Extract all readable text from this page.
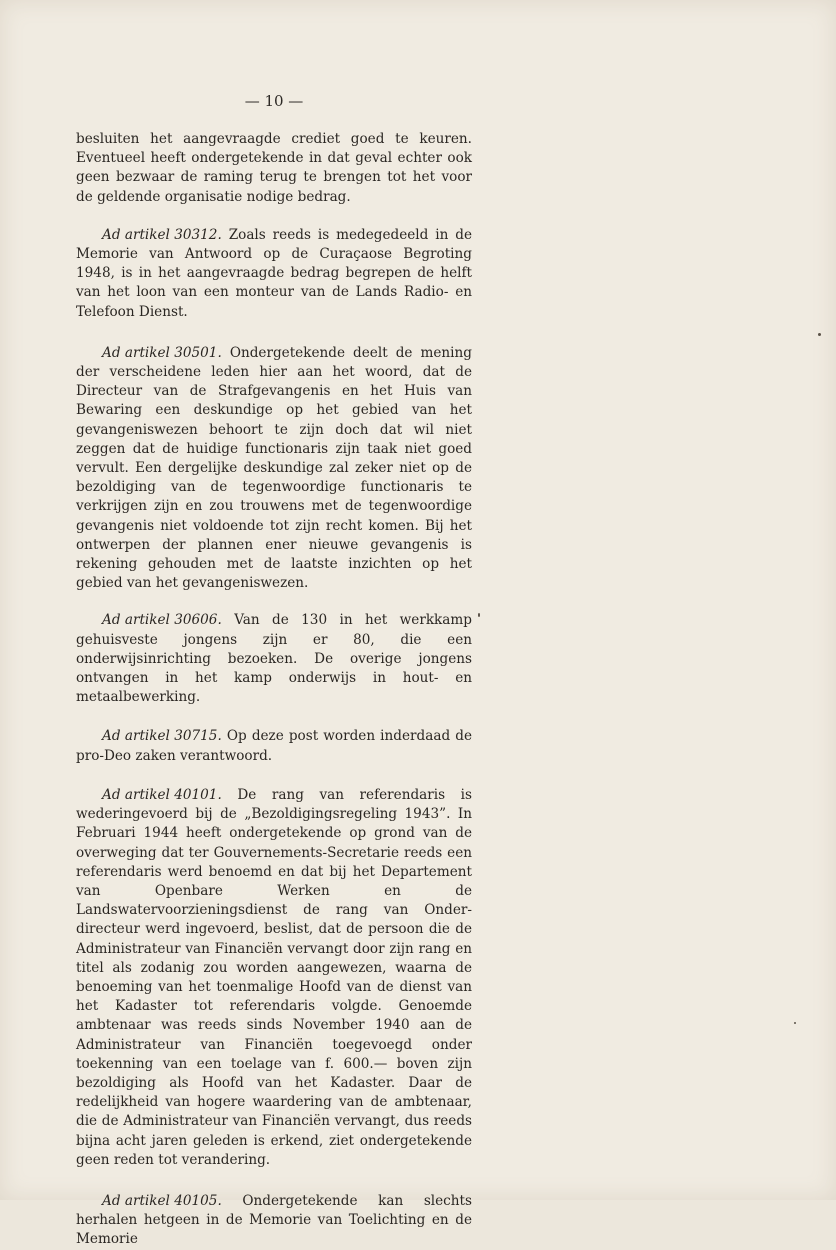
— 10 —

besluiten het aangevraagde crediet goed te keuren. Eventueel heeft ondergetekende in dat geval echter ook geen bezwaar de raming terug te brengen tot het voor de geldende organisatie nodige bedrag.

Ad artikel 30312. Zoals reeds is medegedeeld in de Memorie van Antwoord op de Curaçaose Begroting 1948, is in het aangevraagde bedrag begrepen de helft van het loon van een monteur van de Lands Radio- en Telefoon Dienst.

Ad artikel 30501. Ondergetekende deelt de mening der verscheidene leden hier aan het woord, dat de Directeur van de Strafgevangenis en het Huis van Bewaring een deskundige op het gebied van het gevangeniswezen behoort te zijn doch dat wil niet zeggen dat de huidige functionaris zijn taak niet goed vervult. Een dergelijke deskundige zal zeker niet op de bezoldiging van de tegenwoordige functionaris te verkrijgen zijn en zou trouwens met de tegenwoordige gevangenis niet voldoende tot zijn recht komen. Bij het ontwerpen der plannen ener nieuwe gevangenis is rekening gehouden met de laatste inzichten op het gebied van het gevangeniswezen.

Ad artikel 30606. Van de 130 in het werkkamp gehuisveste jongens zijn er 80, die een onderwijsinrichting bezoeken. De overige jongens ontvangen in het kamp onderwijs in hout- en metaalbewerking.

Ad artikel 30715. Op deze post worden inderdaad de pro-Deo zaken verantwoord.

Ad artikel 40101. De rang van referendaris is wederingevoerd bij de „Bezoldigingsregeling 1943”. In Februari 1944 heeft ondergetekende op grond van de overweging dat ter Gouvernements-Secretarie reeds een referendaris werd benoemd en dat bij het Departement van Openbare Werken en de Landswatervoorzieningsdienst de rang van Onder-directeur werd ingevoerd, beslist, dat de persoon die de Administrateur van Financiën vervangt door zijn rang en titel als zodanig zou worden aangewezen, waarna de benoeming van het toenmalige Hoofd van de dienst van het Kadaster tot referendaris volgde. Genoemde ambtenaar was reeds sinds November 1940 aan de Administrateur van Financiën toegevoegd onder toekenning van een toelage van f. 600.— boven zijn bezoldiging als Hoofd van het Kadaster. Daar de redelijkheid van hogere waardering van de ambtenaar, die de Administrateur van Financiën vervangt, dus reeds bijna acht jaren geleden is erkend, ziet ondergetekende geen reden tot verandering.

Ad artikel 40105. Ondergetekende kan slechts herhalen hetgeen in de Memorie van Toelichting en de Memorie
